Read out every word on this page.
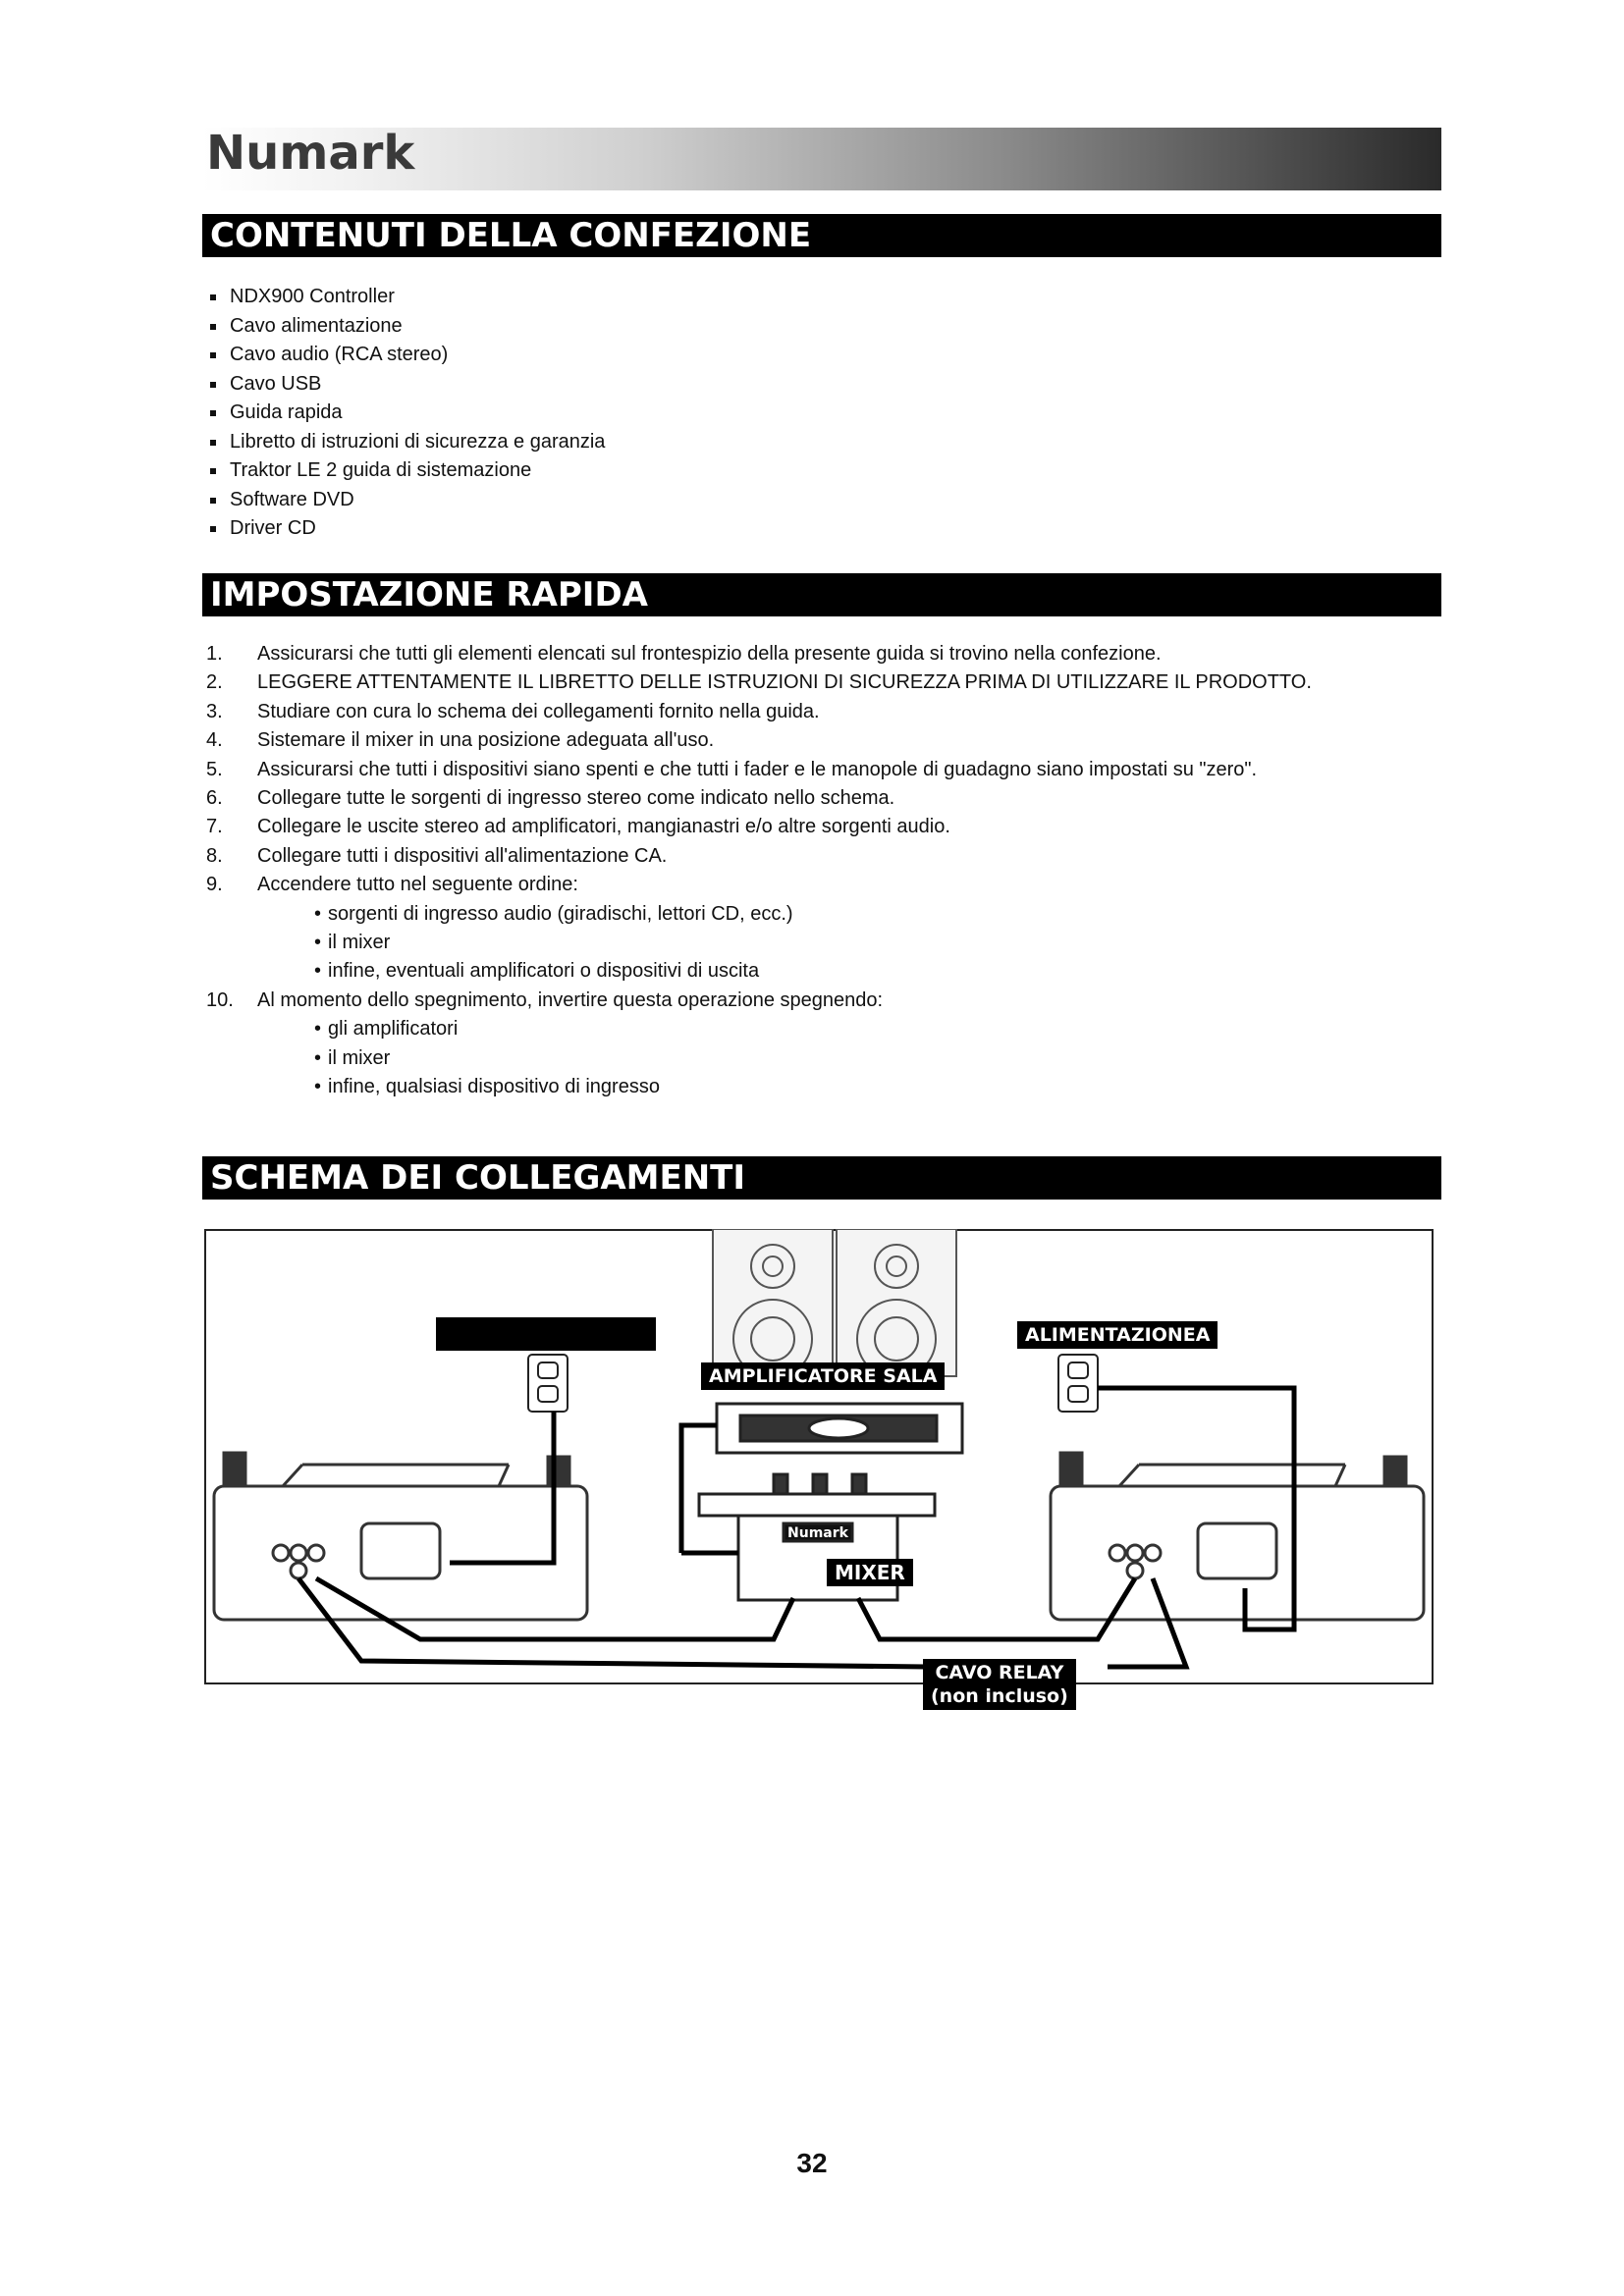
Numark
CONTENUTI DELLA CONFEZIONE
NDX900 Controller
Cavo alimentazione
Cavo audio (RCA stereo)
Cavo USB
Guida rapida
Libretto di istruzioni di sicurezza e garanzia
Traktor LE 2 guida di sistemazione
Software DVD
Driver CD
IMPOSTAZIONE RAPIDA
1.	Assicurarsi che tutti gli elementi elencati sul frontespizio della presente guida si trovino nella confezione.
2.	LEGGERE ATTENTAMENTE IL LIBRETTO DELLE ISTRUZIONI DI SICUREZZA PRIMA DI UTILIZZARE IL PRODOTTO.
3.	Studiare con cura lo schema dei collegamenti fornito nella guida.
4.	Sistemare il mixer in una posizione adeguata all'uso.
5.	Assicurarsi che tutti i dispositivi siano spenti e che tutti i fader e le manopole di guadagno siano impostati su "zero".
6.	Collegare tutte le sorgenti di ingresso stereo come indicato nello schema.
7.	Collegare le uscite stereo ad amplificatori, mangianastri e/o altre sorgenti audio.
8.	Collegare tutti i dispositivi all'alimentazione CA.
9.	Accendere tutto nel seguente ordine:
• sorgenti di ingresso audio (giradischi, lettori CD, ecc.)
• il mixer
• infine, eventuali amplificatori o dispositivi di uscita
10.	Al momento dello spegnimento, invertire questa operazione spegnendo:
• gli amplificatori
• il mixer
• infine, qualsiasi dispositivo di ingresso
SCHEMA DEI COLLEGAMENTI
Numark
ALIMENTAZIONEA
AMPLIFICATORE SALA
MIXER
CAVO RELAY
(non incluso)
32
